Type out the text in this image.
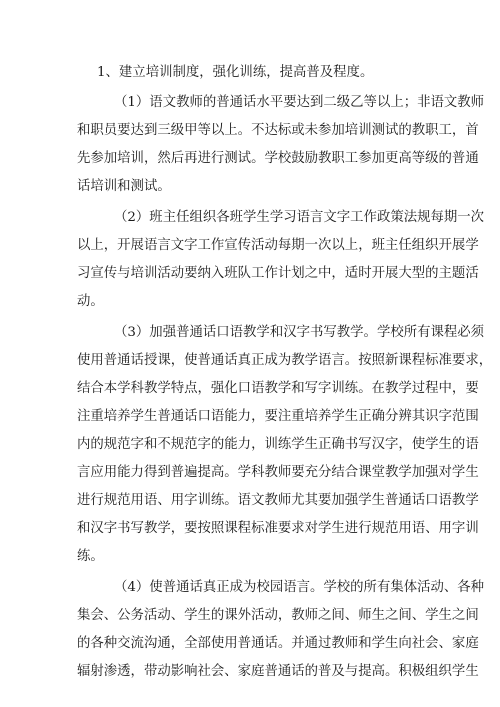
1、建立培训制度，强化训练，提高普及程度。
（1）语文教师的普通话水平要达到二级乙等以上；非语文教师
和职员要达到三级甲等以上。不达标或未参加培训测试的教职工，首
先参加培训，然后再进行测试。学校鼓励教职工参加更高等级的普通
话培训和测试。
（2）班主任组织各班学生学习语言文字工作政策法规每期一次
以上，开展语言文字工作宣传活动每期一次以上，班主任组织开展学
习宣传与培训活动要纳入班队工作计划之中，适时开展大型的主题活
动。
（3）加强普通话口语教学和汉字书写教学。学校所有课程必须
使用普通话授课，使普通话真正成为教学语言。按照新课程标准要求，
结合本学科教学特点，强化口语教学和写字训练。在教学过程中，要
注重培养学生普通话口语能力，要注重培养学生正确分辨其识字范围
内的规范字和不规范字的能力，训练学生正确书写汉字，使学生的语
言应用能力得到普遍提高。学科教师要充分结合课堂教学加强对学生
进行规范用语、用字训练。语文教师尤其要加强学生普通话口语教学
和汉字书写教学，要按照课程标准要求对学生进行规范用语、用字训
练。
（4）使普通话真正成为校园语言。学校的所有集体活动、各种
集会、公务活动、学生的课外活动，教师之间、师生之间、学生之间
的各种交流沟通，全部使用普通话。并通过教师和学生向社会、家庭
辐射渗透，带动影响社会、家庭普通话的普及与提高。积极组织学生
